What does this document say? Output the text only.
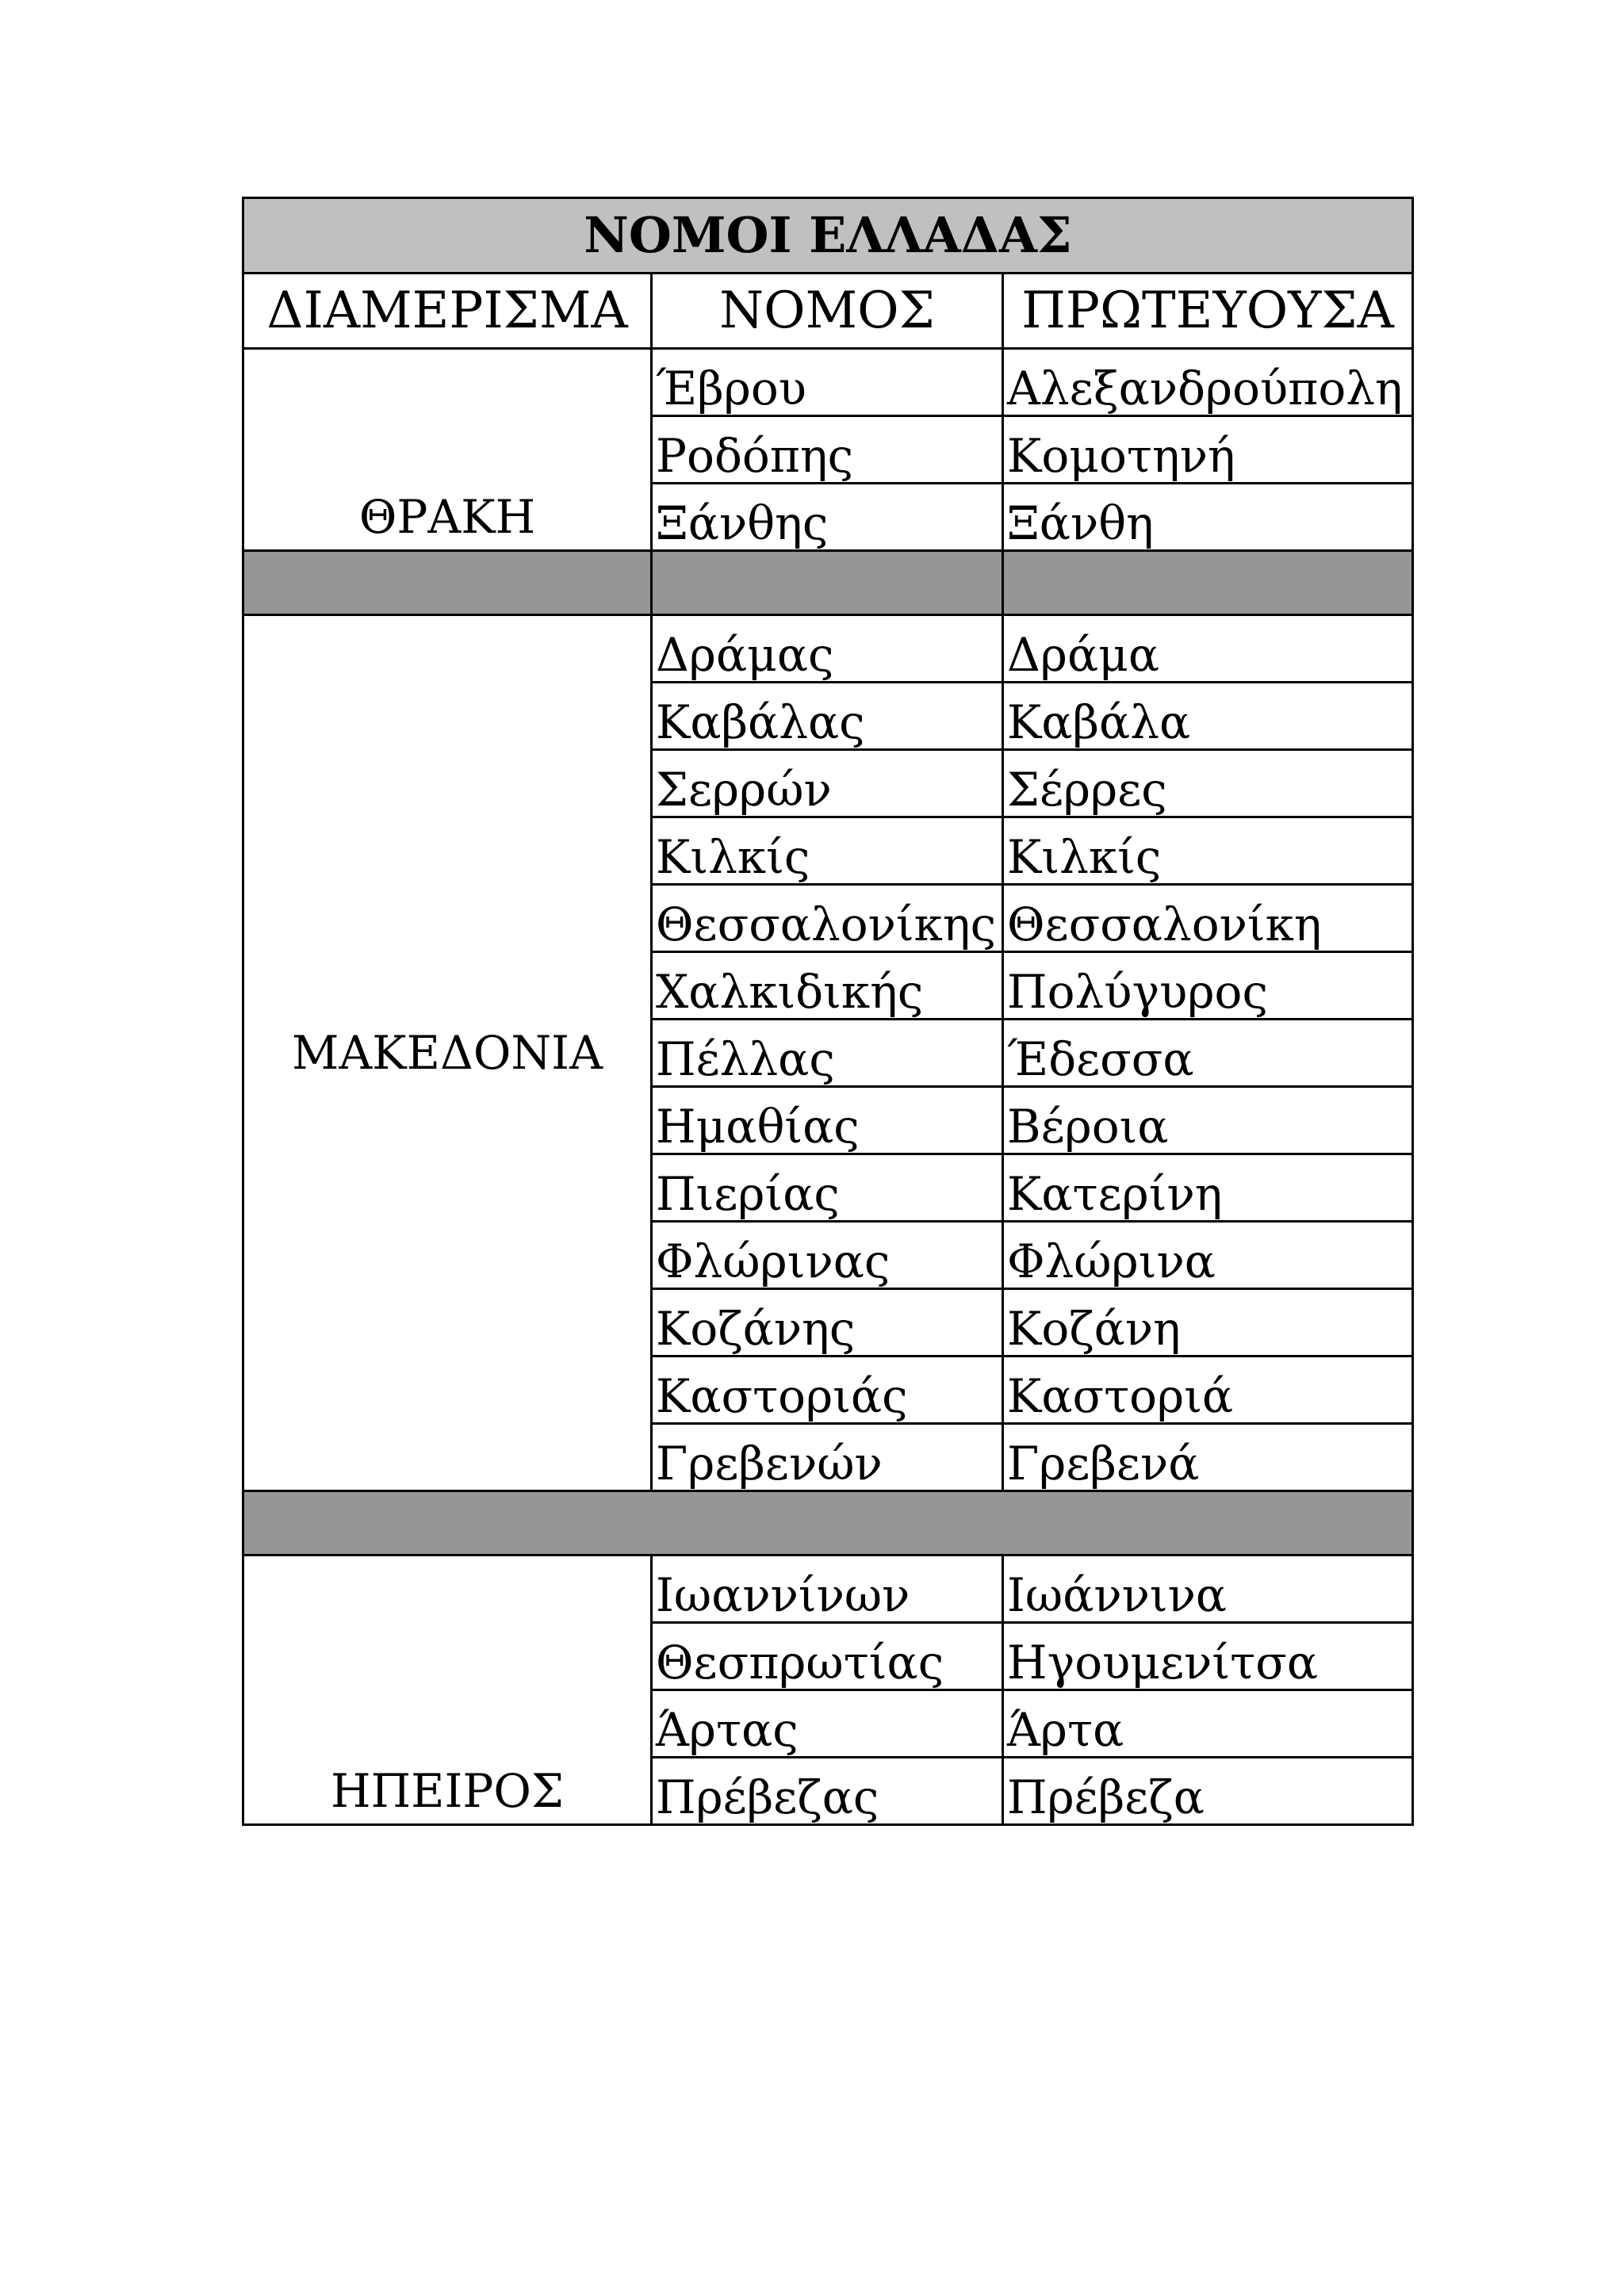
ΝΟΜΟΙ ΕΛΛΑΔΑΣ		
ΔΙΑΜΕΡΙΣΜΑ	ΝΟΜΟΣ	ΠΡΩΤΕΥΟΥΣΑ
ΘΡΑΚΗ	Έβρου	Αλεξανδρούπολη
	Ροδόπης	Κομοτηνή
	Ξάνθης	Ξάνθη

ΜΑΚΕΔΟΝΙΑ	Δράμας	Δράμα
	Καβάλας	Καβάλα
	Σερρών	Σέρρες
	Κιλκίς	Κιλκίς
	Θεσσαλονίκης	Θεσσαλονίκη
	Χαλκιδικής	Πολύγυρος
	Πέλλας	Έδεσσα
	Ημαθίας	Βέροια
	Πιερίας	Κατερίνη
	Φλώρινας	Φλώρινα
	Κοζάνης	Κοζάνη
	Καστοριάς	Καστοριά
	Γρεβενών	Γρεβενά

ΗΠΕΙΡΟΣ	Ιωαννίνων	Ιωάννινα
	Θεσπρωτίας	Ηγουμενίτσα
	Άρτας	Άρτα
	Πρέβεζας	Πρέβεζα
